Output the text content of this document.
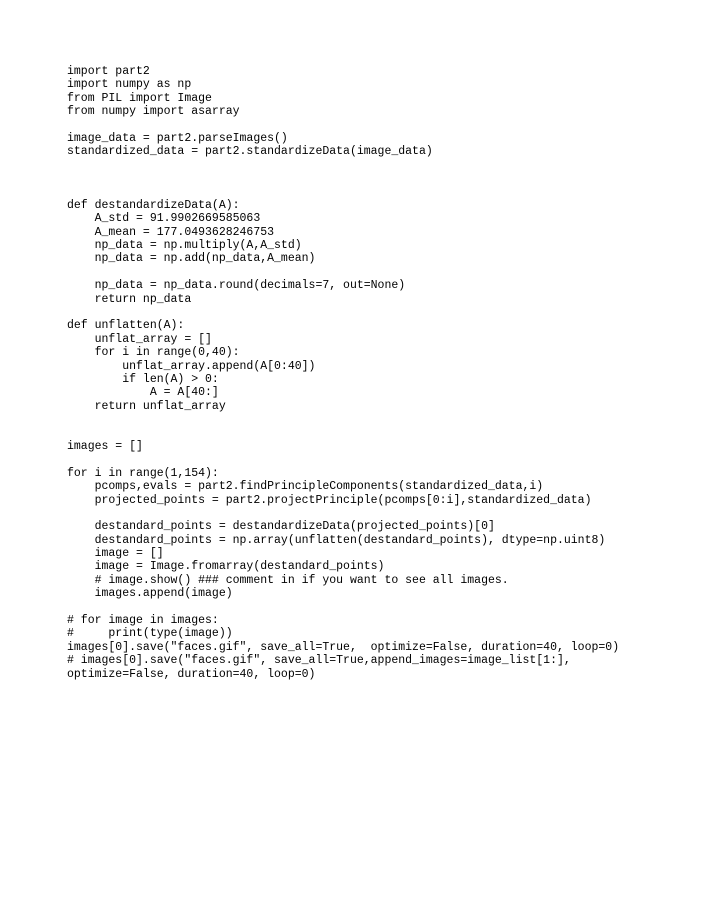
import part2
import numpy as np
from PIL import Image
from numpy import asarray
image_data = part2.parseImages()
standardized_data = part2.standardizeData(image_data)
def destandardizeData(A):
A_std = 91.9902669585063
A_mean = 177.0493628246753
np_data = np.multiply(A,A_std)
np_data = np.add(np_data,A_mean)
np_data = np_data.round(decimals=7, out=None)
return np_data
def unflatten(A):
unflat_array = []
for i in range(0,40):
unflat_array.append(A[0:40])
if len(A) > 0:
A = A[40:]
return unflat_array
images = []
for i in range(1,154):
pcomps,evals = part2.findPrincipleComponents(standardized_data,i)
projected_points = part2.projectPrinciple(pcomps[0:i],standardized_data)
destandard_points = destandardizeData(projected_points)[0]
destandard_points = np.array(unflatten(destandard_points), dtype=np.uint8)
image = []
image = Image.fromarray(destandard_points)
# image.show() ### comment in if you want to see all images.
images.append(image)
# for image in images:
#     print(type(image))
images[0].save("faces.gif", save_all=True,  optimize=False, duration=40, loop=0)
# images[0].save("faces.gif", save_all=True,append_images=image_list[1:],
optimize=False, duration=40, loop=0)
